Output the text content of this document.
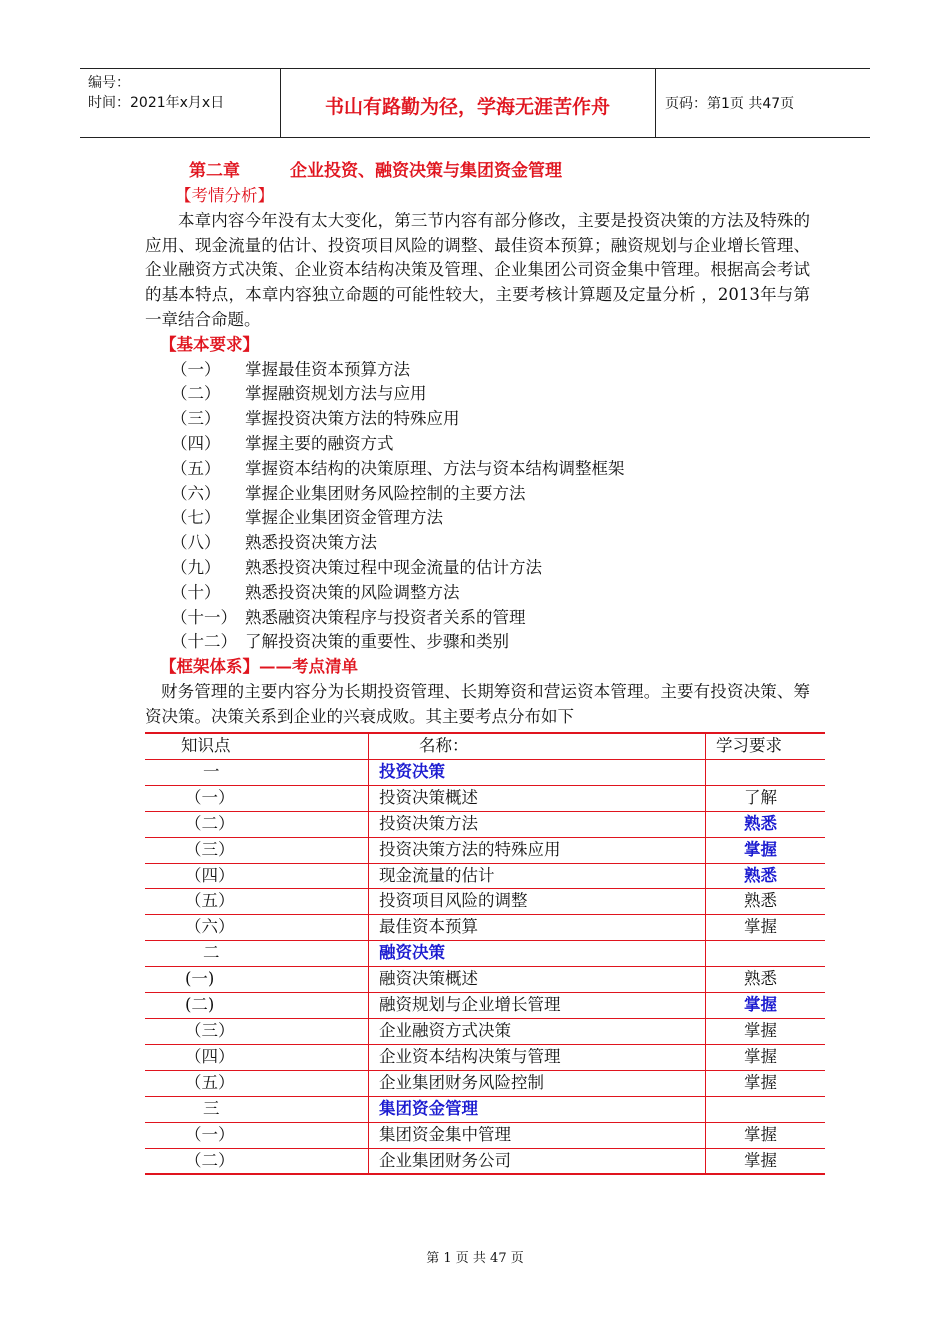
编号：
时间：2021年x月x日	书山有路勤为径，学海无涯苦作舟	页码：第1页 共47页
第二章	企业投资、融资决策与集团资金管理
【考情分析】
本章内容今年没有太大变化，第三节内容有部分修改，主要是投资决策的方法及特殊的应用、现金流量的估计、投资项目风险的调整、最佳资本预算；融资规划与企业增长管理、企业融资方式决策、企业资本结构决策及管理、企业集团公司资金集中管理。根据高会考试的基本特点，本章内容独立命题的可能性较大，主要考核计算题及定量分析 ，2013年与第一章结合命题。
【基本要求】
（一） 掌握最佳资本预算方法
（二） 掌握融资规划方法与应用
（三） 掌握投资决策方法的特殊应用
（四） 掌握主要的融资方式
（五） 掌握资本结构的决策原理、方法与资本结构调整框架
（六） 掌握企业集团财务风险控制的主要方法
（七） 掌握企业集团资金管理方法
（八） 熟悉投资决策方法
（九） 熟悉投资决策过程中现金流量的估计方法
（十） 熟悉投资决策的风险调整方法
（十一） 熟悉融资决策程序与投资者关系的管理
（十二） 了解投资决策的重要性、步骤和类别
【框架体系】——考点清单
财务管理的主要内容分为长期投资管理、长期筹资和营运资本管理。主要有投资决策、筹资决策。决策关系到企业的兴衰成败。其主要考点分布如下
知识点	名称：	学习要求
一	投资决策	
（一）	投资决策概述	了解
（二）	投资决策方法	熟悉
（三）	投资决策方法的特殊应用	掌握
（四）	现金流量的估计	熟悉
（五）	投资项目风险的调整	熟悉
（六）	最佳资本预算	掌握
二	融资决策	
(一)	融资决策概述	熟悉
(二)	融资规划与企业增长管理	掌握
（三）	企业融资方式决策	掌握
（四）	企业资本结构决策与管理	掌握
（五）	企业集团财务风险控制	掌握
三	集团资金管理	
（一）	集团资金集中管理	掌握
（二）	企业集团财务公司	掌握
第 1 页 共 47 页
